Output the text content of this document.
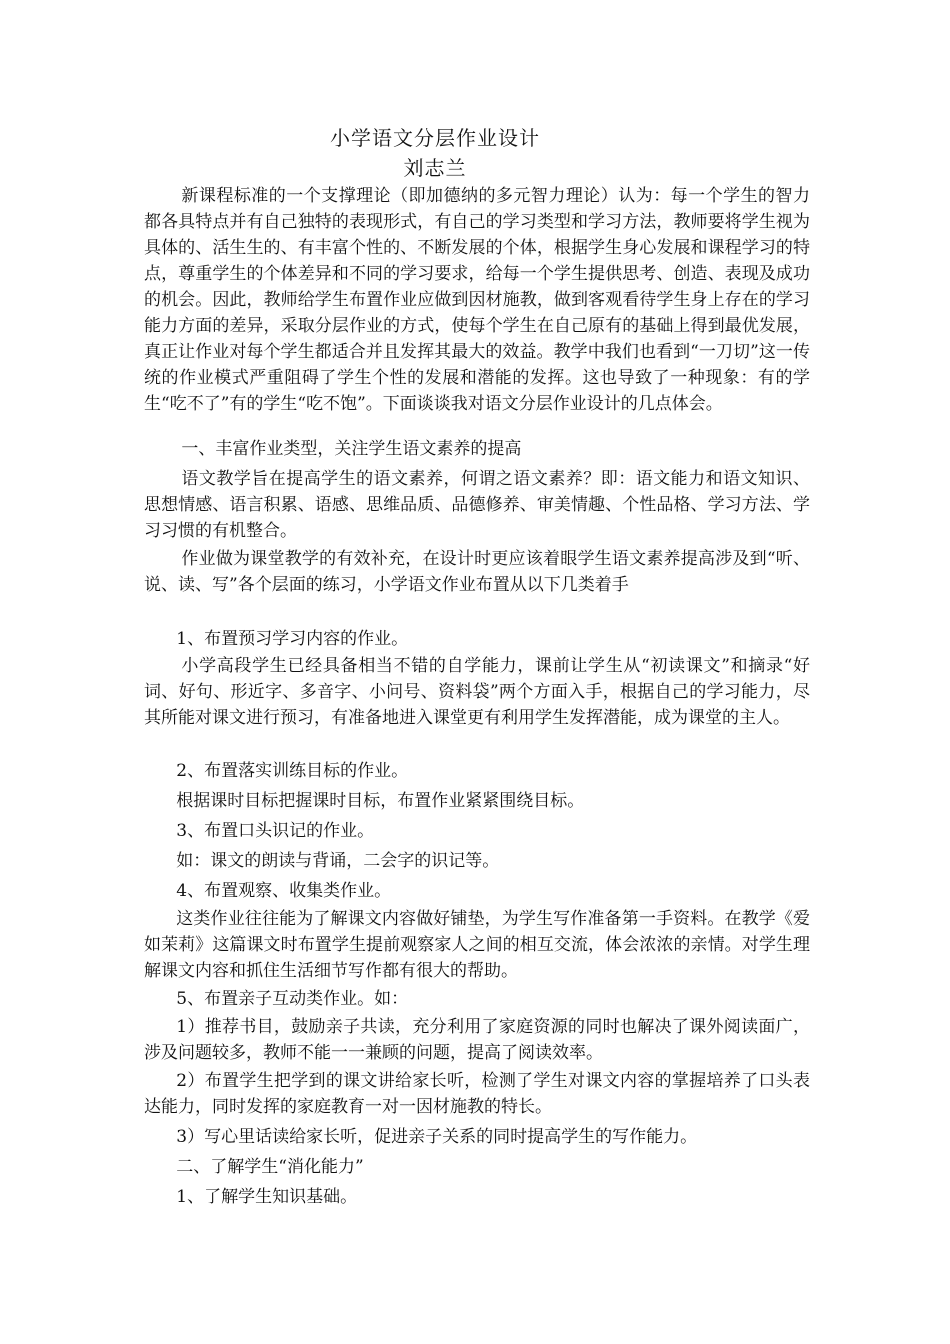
小学语文分层作业设计
刘志兰

新课程标准的一个支撑理论（即加德纳的多元智力理论）认为：每一个学生的智力都各具特点并有自己独特的表现形式，有自己的学习类型和学习方法，教师要将学生视为具体的、活生生的、有丰富个性的、不断发展的个体，根据学生身心发展和课程学习的特点，尊重学生的个体差异和不同的学习要求，给每一个学生提供思考、创造、表现及成功的机会。因此，教师给学生布置作业应做到因材施教，做到客观看待学生身上存在的学习能力方面的差异，采取分层作业的方式，使每个学生在自己原有的基础上得到最优发展，真正让作业对每个学生都适合并且发挥其最大的效益。教学中我们也看到“一刀切”这一传统的作业模式严重阻碍了学生个性的发展和潜能的发挥。这也导致了一种现象：有的学生“吃不了”有的学生“吃不饱”。下面谈谈我对语文分层作业设计的几点体会。

一、丰富作业类型，关注学生语文素养的提高

语文教学旨在提高学生的语文素养，何谓之语文素养？即：语文能力和语文知识、思想情感、语言积累、语感、思维品质、品德修养、审美情趣、个性品格、学习方法、学习习惯的有机整合。

作业做为课堂教学的有效补充，在设计时更应该着眼学生语文素养提高涉及到“听、说、读、写”各个层面的练习，小学语文作业布置从以下几类着手

1、布置预习学习内容的作业。

小学高段学生已经具备相当不错的自学能力，课前让学生从“初读课文”和摘录“好词、好句、形近字、多音字、小问号、资料袋”两个方面入手，根据自己的学习能力，尽其所能对课文进行预习，有准备地进入课堂更有利用学生发挥潜能，成为课堂的主人。

2、布置落实训练目标的作业。

根据课时目标把握课时目标，布置作业紧紧围绕目标。

3、布置口头识记的作业。

如：课文的朗读与背诵，二会字的识记等。

4、布置观察、收集类作业。

这类作业往往能为了解课文内容做好铺垫，为学生写作准备第一手资料。在教学《爱如茉莉》这篇课文时布置学生提前观察家人之间的相互交流，体会浓浓的亲情。对学生理解课文内容和抓住生活细节写作都有很大的帮助。

5、布置亲子互动类作业。如：

1）推荐书目，鼓励亲子共读，充分利用了家庭资源的同时也解决了课外阅读面广，涉及问题较多，教师不能一一兼顾的问题，提高了阅读效率。

2）布置学生把学到的课文讲给家长听，检测了学生对课文内容的掌握培养了口头表达能力，同时发挥的家庭教育一对一因材施教的特长。

3）写心里话读给家长听，促进亲子关系的同时提高学生的写作能力。

二、了解学生“消化能力”

1、了解学生知识基础。
